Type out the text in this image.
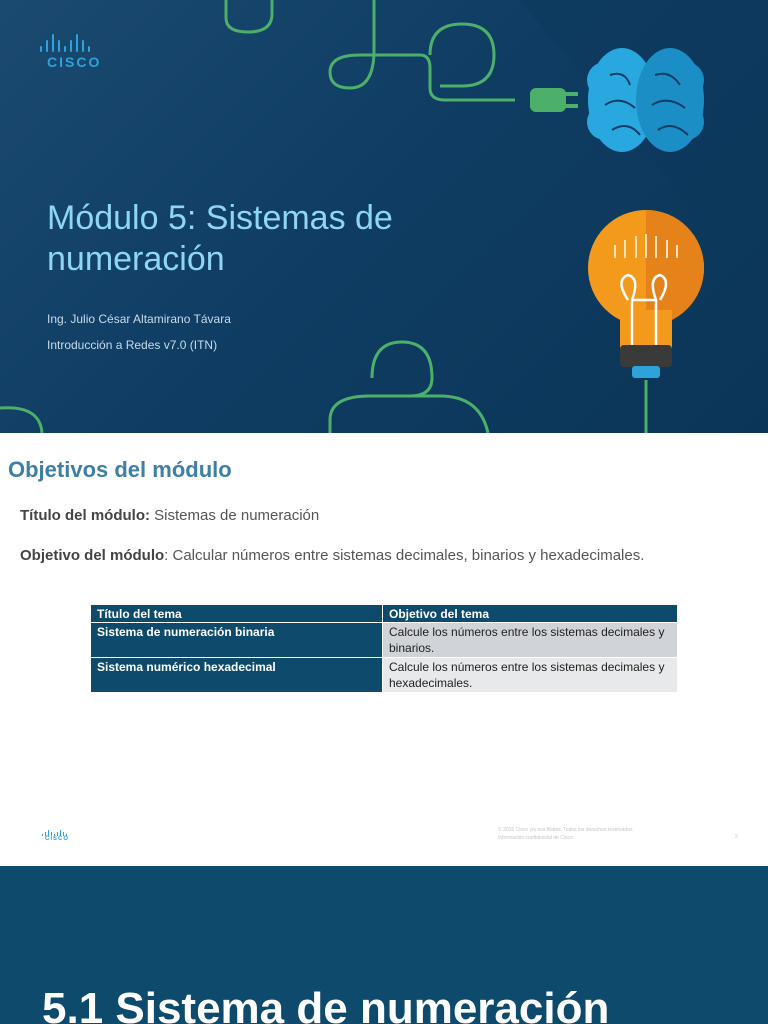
CISCO
Módulo 5: Sistemas de numeración
Ing. Julio César Altamirano Távara
Introducción a Redes v7.0 (ITN)
Objetivos del módulo
Título del módulo: Sistemas de numeración
Objetivo del módulo: Calcular números entre sistemas decimales, binarios y hexadecimales.
Título del tema	Objetivo del tema
Sistema de numeración binaria	Calcule los números entre los sistemas decimales y binarios.
Sistema numérico hexadecimal	Calcule los números entre los sistemas decimales y hexadecimales.
CISCO
© 2016 Cisco y/o sus filiales. Todos los derechos reservados.
Información confidencial de Cisco	2
5.1 Sistema de numeración
